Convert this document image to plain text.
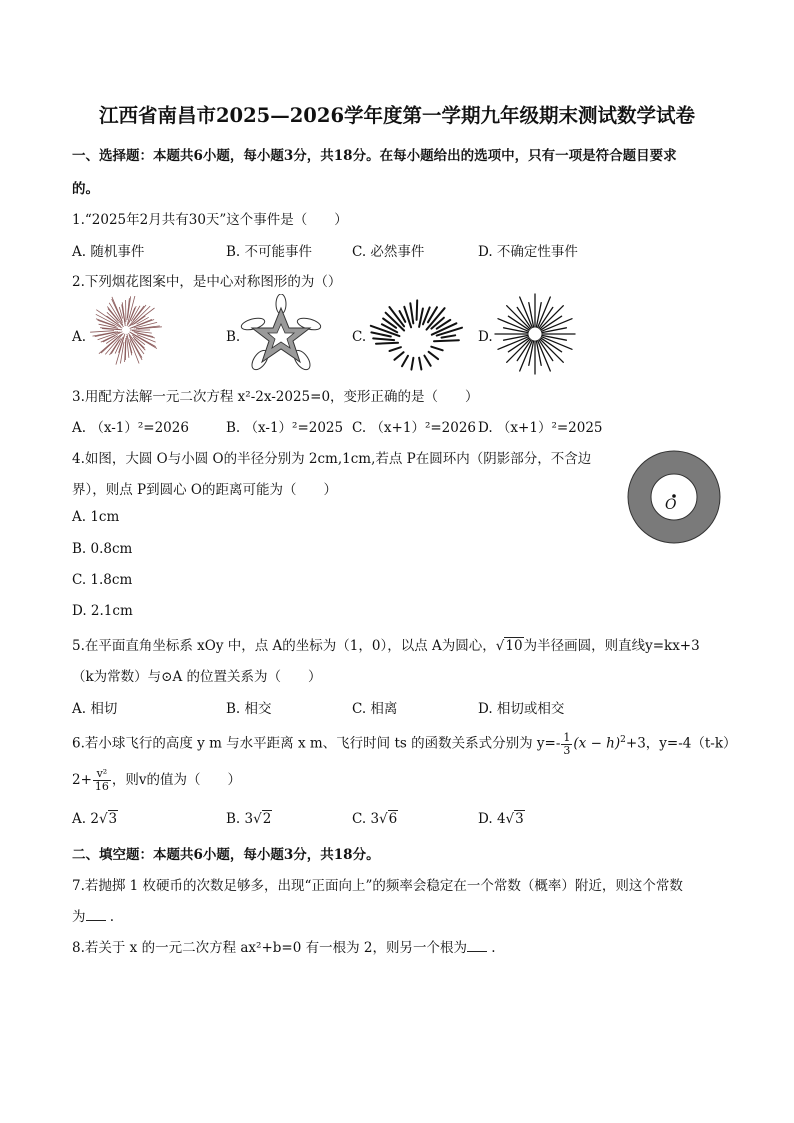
江西省南昌市2025—2026学年度第一学期九年级期末测试数学试卷
一、选择题：本题共6小题，每小题3分，共18分。在每小题给出的选项中，只有一项是符合题目要求
的。
1.“2025年2月共有30天”这个事件是（　　）
A. 随机事件	B. 不可能事件	C. 必然事件	D. 不确定性事件
2.下列烟花图案中，是中心对称图形的为（）
A.	B.	C.	D.
3.用配方法解一元二次方程 x²-2x-2025=0，变形正确的是（　　）
A. （x-1）²=2026	B. （x-1）²=2025 C. （x+1）²=2026 D. （x+1）²=2025
4.如图，大圆 O与小圆 O的半径分别为 2cm,1cm,若点 P在圆环内（阴影部分，不含边
界），则点 P到圆心 O的距离可能为（　　）
A. 1cm
B. 0.8cm
C. 1.8cm
D. 2.1cm
O
5.在平面直角坐标系 xOy 中，点 A的坐标为（1，0），以点 A为圆心，√10为半径画圆，则直线y=kx+3
（k为常数）与⊙A 的位置关系为（　　）
A. 相切	B. 相交	C. 相离	D. 相切或相交
6.若小球飞行的高度 y m 与水平距离 x m、飞行时间 ts 的函数关系式分别为 $y=- \frac{1}{3} (x - h)^2+3$，y=-4（t-k）
$2+ \frac{\text{v²}}{16}$ ，则v的值为（　　）
A. 2√3	B. 3√2	C. 3√6	D. 4√3
二、填空题：本题共6小题，每小题3分，共18分。
7.若抛掷 1 枚硬币的次数足够多，出现“正面向上”的频率会稳定在一个常数（概率）附近，则这个常数
为 .
8.若关于 x 的一元二次方程 ax²+b=0 有一根为 2，则另一个根为 .
